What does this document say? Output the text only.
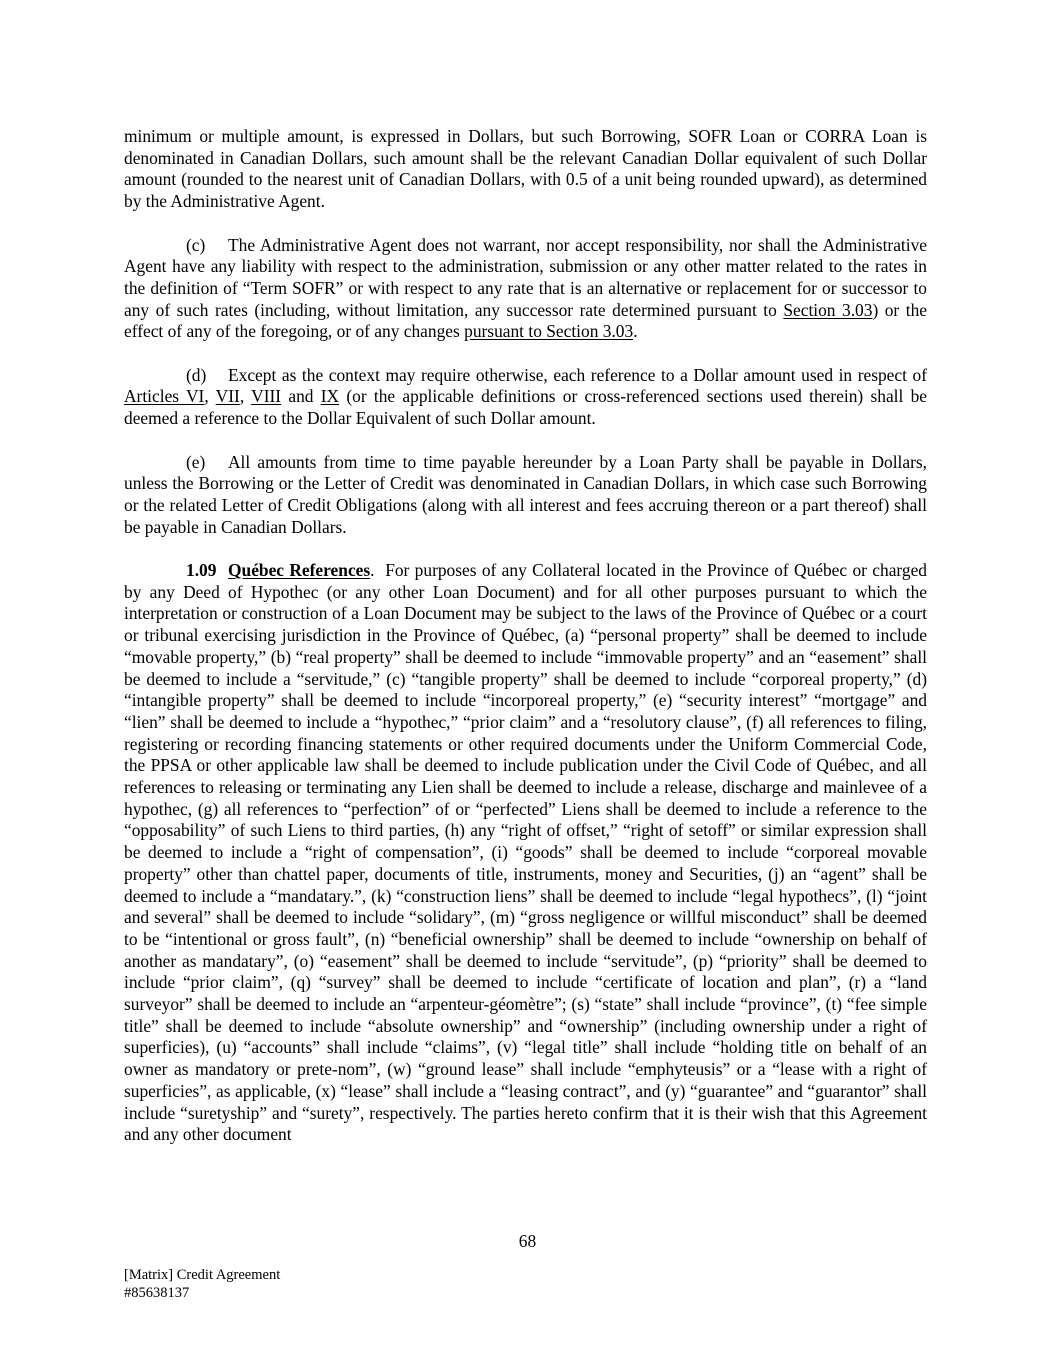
minimum or multiple amount, is expressed in Dollars, but such Borrowing, SOFR Loan or CORRA Loan is denominated in Canadian Dollars, such amount shall be the relevant Canadian Dollar equivalent of such Dollar amount (rounded to the nearest unit of Canadian Dollars, with 0.5 of a unit being rounded upward), as determined by the Administrative Agent.

(c) The Administrative Agent does not warrant, nor accept responsibility, nor shall the Administrative Agent have any liability with respect to the administration, submission or any other matter related to the rates in the definition of “Term SOFR” or with respect to any rate that is an alternative or replacement for or successor to any of such rates (including, without limitation, any successor rate determined pursuant to Section 3.03) or the effect of any of the foregoing, or of any changes pursuant to Section 3.03.

(d) Except as the context may require otherwise, each reference to a Dollar amount used in respect of Articles VI, VII, VIII and IX (or the applicable definitions or cross-referenced sections used therein) shall be deemed a reference to the Dollar Equivalent of such Dollar amount.

(e) All amounts from time to time payable hereunder by a Loan Party shall be payable in Dollars, unless the Borrowing or the Letter of Credit was denominated in Canadian Dollars, in which case such Borrowing or the related Letter of Credit Obligations (along with all interest and fees accruing thereon or a part thereof) shall be payable in Canadian Dollars.

1.09 Québec References.  For purposes of any Collateral located in the Province of Québec or charged by any Deed of Hypothec (or any other Loan Document) and for all other purposes pursuant to which the interpretation or construction of a Loan Document may be subject to the laws of the Province of Québec or a court or tribunal exercising jurisdiction in the Province of Québec, (a) “personal property” shall be deemed to include “movable property,” (b) “real property” shall be deemed to include “immovable property” and an “easement” shall be deemed to include a “servitude,” (c) “tangible property” shall be deemed to include “corporeal property,” (d) “intangible property” shall be deemed to include “incorporeal property,” (e) “security interest” “mortgage” and “lien” shall be deemed to include a “hypothec,” “prior claim” and a “resolutory clause”, (f) all references to filing, registering or recording financing statements or other required documents under the Uniform Commercial Code, the PPSA or other applicable law shall be deemed to include publication under the Civil Code of Québec, and all references to releasing or terminating any Lien shall be deemed to include a release, discharge and mainlevee of a hypothec, (g) all references to “perfection” of or “perfected” Liens shall be deemed to include a reference to the “opposability” of such Liens to third parties, (h) any “right of offset,” “right of setoff” or similar expression shall be deemed to include a “right of compensation”, (i) “goods” shall be deemed to include “corporeal movable property” other than chattel paper, documents of title, instruments, money and Securities, (j) an “agent” shall be deemed to include a “mandatary.”, (k) “construction liens” shall be deemed to include “legal hypothecs”, (l) “joint and several” shall be deemed to include “solidary”, (m) “gross negligence or willful misconduct” shall be deemed to be “intentional or gross fault”, (n) “beneficial ownership” shall be deemed to include “ownership on behalf of another as mandatary”, (o) “easement” shall be deemed to include “servitude”, (p) “priority” shall be deemed to include “prior claim”, (q) “survey” shall be deemed to include “certificate of location and plan”, (r) a “land surveyor” shall be deemed to include an “arpenteur-géomètre”; (s) “state” shall include “province”, (t) “fee simple title” shall be deemed to include “absolute ownership” and “ownership” (including ownership under a right of superficies), (u) “accounts” shall include “claims”, (v) “legal title” shall include “holding title on behalf of an owner as mandatory or prete-nom”, (w) “ground lease” shall include “emphyteusis” or a “lease with a right of superficies”, as applicable, (x) “lease” shall include a “leasing contract”, and (y) “guarantee” and “guarantor” shall include “suretyship” and “surety”, respectively. The parties hereto confirm that it is their wish that this Agreement and any other document

68
[Matrix] Credit Agreement
#85638137
